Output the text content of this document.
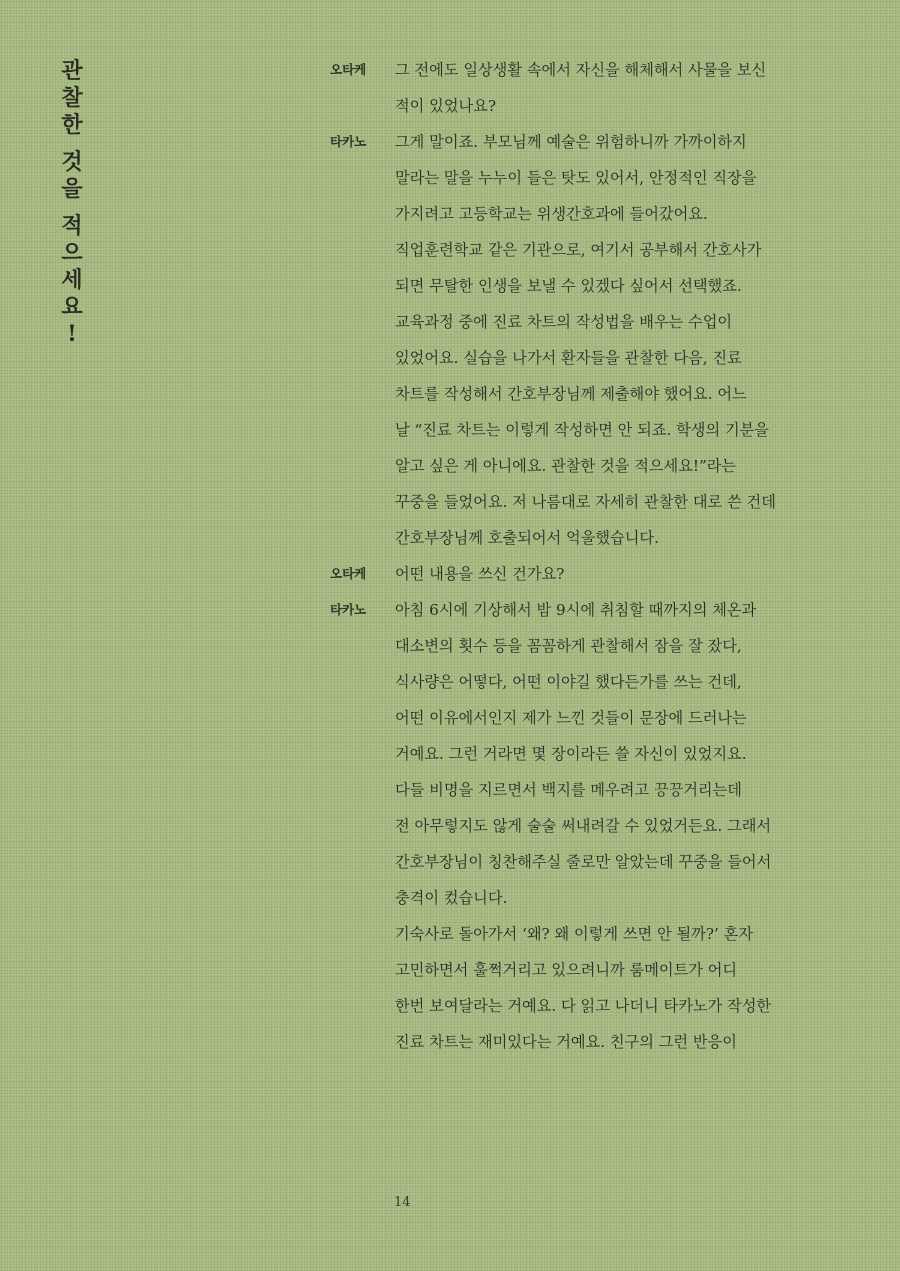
관
찰
한
것
을
적
으
세
요
!
오타케 그 전에도 일상생활 속에서 자신을 해체해서 사물을 보신
적이 있었나요?
타카노 그게 말이죠. 부모님께 예술은 위험하니까 가까이하지
말라는 말을 누누이 들은 탓도 있어서, 안정적인 직장을
가지려고 고등학교는 위생간호과에 들어갔어요.
직업훈련학교 같은 기관으로, 여기서 공부해서 간호사가
되면 무탈한 인생을 보낼 수 있겠다 싶어서 선택했죠.
교육과정 중에 진료 차트의 작성법을 배우는 수업이
있었어요. 실습을 나가서 환자들을 관찰한 다음, 진료
차트를 작성해서 간호부장님께 제출해야 했어요. 어느
날 “진료 차트는 이렇게 작성하면 안 되죠. 학생의 기분을
알고 싶은 게 아니에요. 관찰한 것을 적으세요!”라는
꾸중을 들었어요. 저 나름대로 자세히 관찰한 대로 쓴 건데
간호부장님께 호출되어서 억울했습니다.
오타케 어떤 내용을 쓰신 건가요?
타카노 아침 6시에 기상해서 밤 9시에 취침할 때까지의 체온과
대소변의 횟수 등을 꼼꼼하게 관찰해서 잠을 잘 잤다,
식사량은 어떻다, 어떤 이야길 했다든가를 쓰는 건데,
어떤 이유에서인지 제가 느낀 것들이 문장에 드러나는
거예요. 그런 거라면 몇 장이라든 쓸 자신이 있었지요.
다들 비명을 지르면서 백지를 메우려고 끙끙거리는데
전 아무렇지도 않게 술술 써내려갈 수 있었거든요. 그래서
간호부장님이 칭찬해주실 줄로만 알았는데 꾸중을 들어서
충격이 컸습니다.
기숙사로 돌아가서 ‘왜? 왜 이렇게 쓰면 안 될까?’ 혼자
고민하면서 훌쩍거리고 있으려니까 룸메이트가 어디
한번 보여달라는 거예요. 다 읽고 나더니 타카노가 작성한
진료 차트는 재미있다는 거예요. 친구의 그런 반응이
14
